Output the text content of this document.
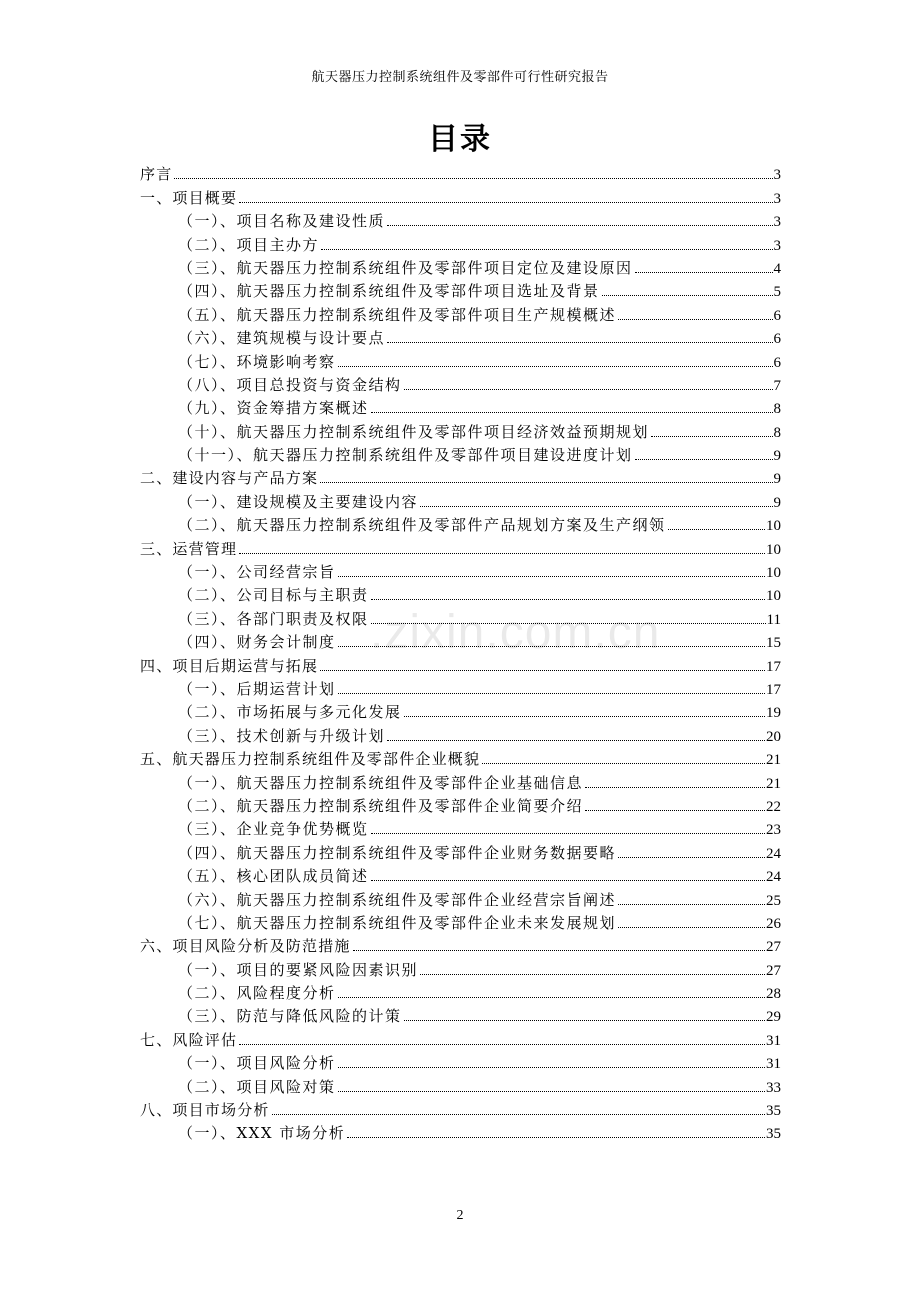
航天器压力控制系统组件及零部件可行性研究报告
目录
.zixin.com.cn
序言	3
一、项目概要	3
（一）、项目名称及建设性质	3
（二）、项目主办方	3
（三）、航天器压力控制系统组件及零部件项目定位及建设原因	4
（四）、航天器压力控制系统组件及零部件项目选址及背景	5
（五）、航天器压力控制系统组件及零部件项目生产规模概述	6
（六）、建筑规模与设计要点	6
（七）、环境影响考察	6
（八）、项目总投资与资金结构	7
（九）、资金筹措方案概述	8
（十）、航天器压力控制系统组件及零部件项目经济效益预期规划	8
（十一）、航天器压力控制系统组件及零部件项目建设进度计划	9
二、建设内容与产品方案	9
（一）、建设规模及主要建设内容	9
（二）、航天器压力控制系统组件及零部件产品规划方案及生产纲领	10
三、运营管理	10
（一）、公司经营宗旨	10
（二）、公司目标与主职责	10
（三）、各部门职责及权限	11
（四）、财务会计制度	15
四、项目后期运营与拓展	17
（一）、后期运营计划	17
（二）、市场拓展与多元化发展	19
（三）、技术创新与升级计划	20
五、航天器压力控制系统组件及零部件企业概貌	21
（一）、航天器压力控制系统组件及零部件企业基础信息	21
（二）、航天器压力控制系统组件及零部件企业简要介绍	22
（三）、企业竞争优势概览	23
（四）、航天器压力控制系统组件及零部件企业财务数据要略	24
（五）、核心团队成员简述	24
（六）、航天器压力控制系统组件及零部件企业经营宗旨阐述	25
（七）、航天器压力控制系统组件及零部件企业未来发展规划	26
六、项目风险分析及防范措施	27
（一）、项目的要紧风险因素识别	27
（二）、风险程度分析	28
（三）、防范与降低风险的计策	29
七、风险评估	31
（一）、项目风险分析	31
（二）、项目风险对策	33
八、项目市场分析	35
（一）、XXX 市场分析	35
2
